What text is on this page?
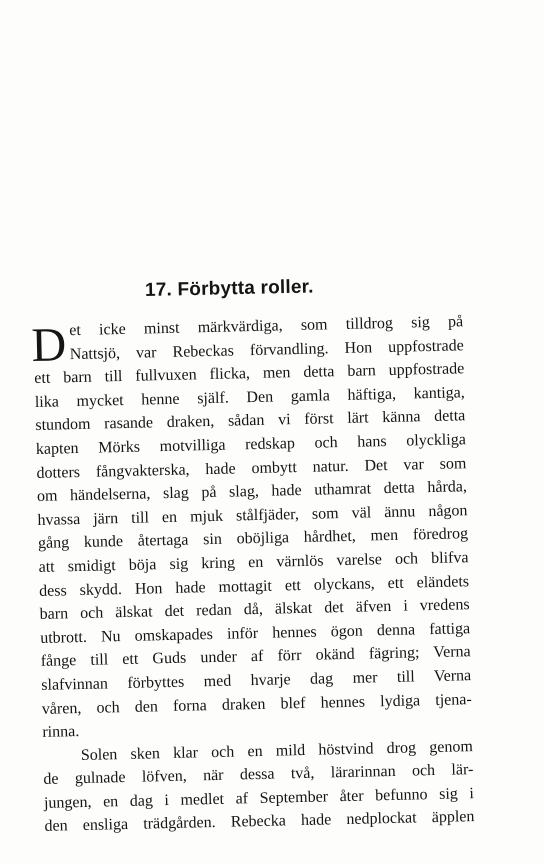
17. Förbytta roller.
D et icke minst märkvärdiga, som tilldrog sig på
Nattsjö, var Rebeckas förvandling. Hon uppfostrade
ett barn till fullvuxen flicka, men detta barn uppfostrade
lika mycket henne själf. Den gamla häftiga, kantiga,
stundom rasande draken, sådan vi först lärt känna detta
kapten Mörks motvilliga redskap och hans olyckliga
dotters fångvakterska, hade ombytt natur. Det var som
om händelserna, slag på slag, hade uthamrat detta hårda,
hvassa järn till en mjuk stålfjäder, som väl ännu någon
gång kunde återtaga sin oböjliga hårdhet, men föredrog
att smidigt böja sig kring en värnlös varelse och blifva
dess skydd. Hon hade mottagit ett olyckans, ett eländets
barn och älskat det redan då, älskat det äfven i vredens
utbrott. Nu omskapades inför hennes ögon denna fattiga
fånge till ett Guds under af förr okänd fägring; Verna
slafvinnan förbyttes med hvarje dag mer till Verna
våren, och den forna draken blef hennes lydiga tjena-
rinna.
Solen sken klar och en mild höstvind drog genom
de gulnade löfven, när dessa två, lärarinnan och lär-
jungen, en dag i medlet af September åter befunno sig i
den ensliga trädgården. Rebecka hade nedplockat äpplen
